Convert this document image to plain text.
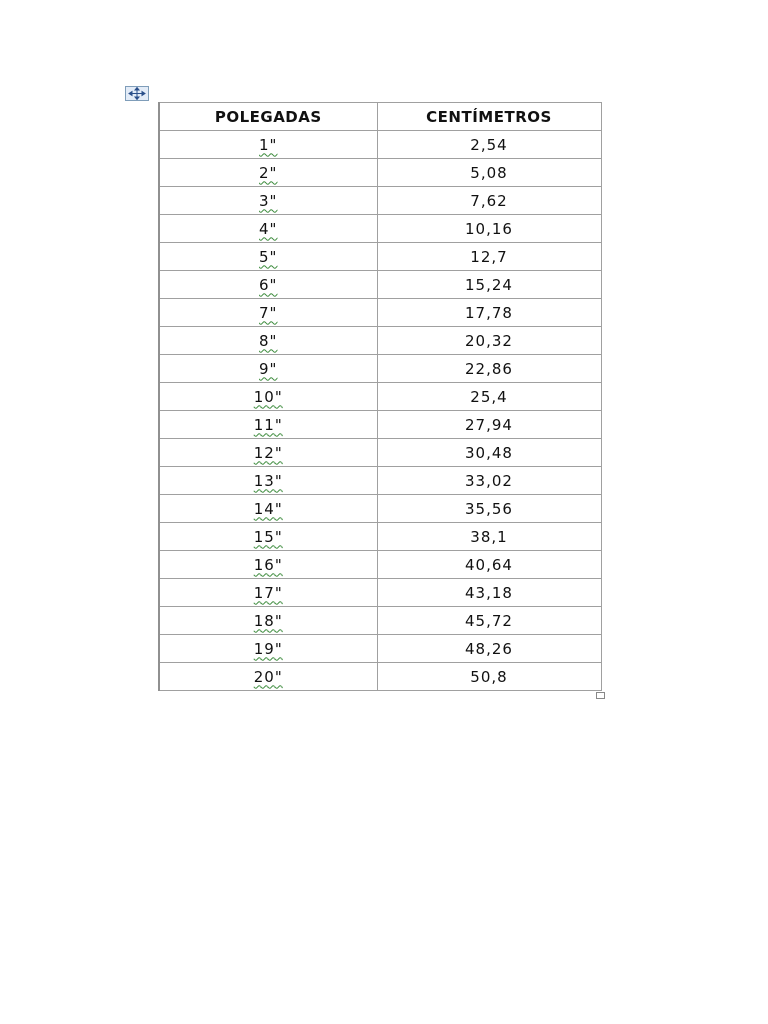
POLEGADAS	CENTÍMETROS
1"	2,54
2"	5,08
3"	7,62
4"	10,16
5"	12,7
6"	15,24
7"	17,78
8"	20,32
9"	22,86
10"	25,4
11"	27,94
12"	30,48
13"	33,02
14"	35,56
15"	38,1
16"	40,64
17"	43,18
18"	45,72
19"	48,26
20"	50,8
